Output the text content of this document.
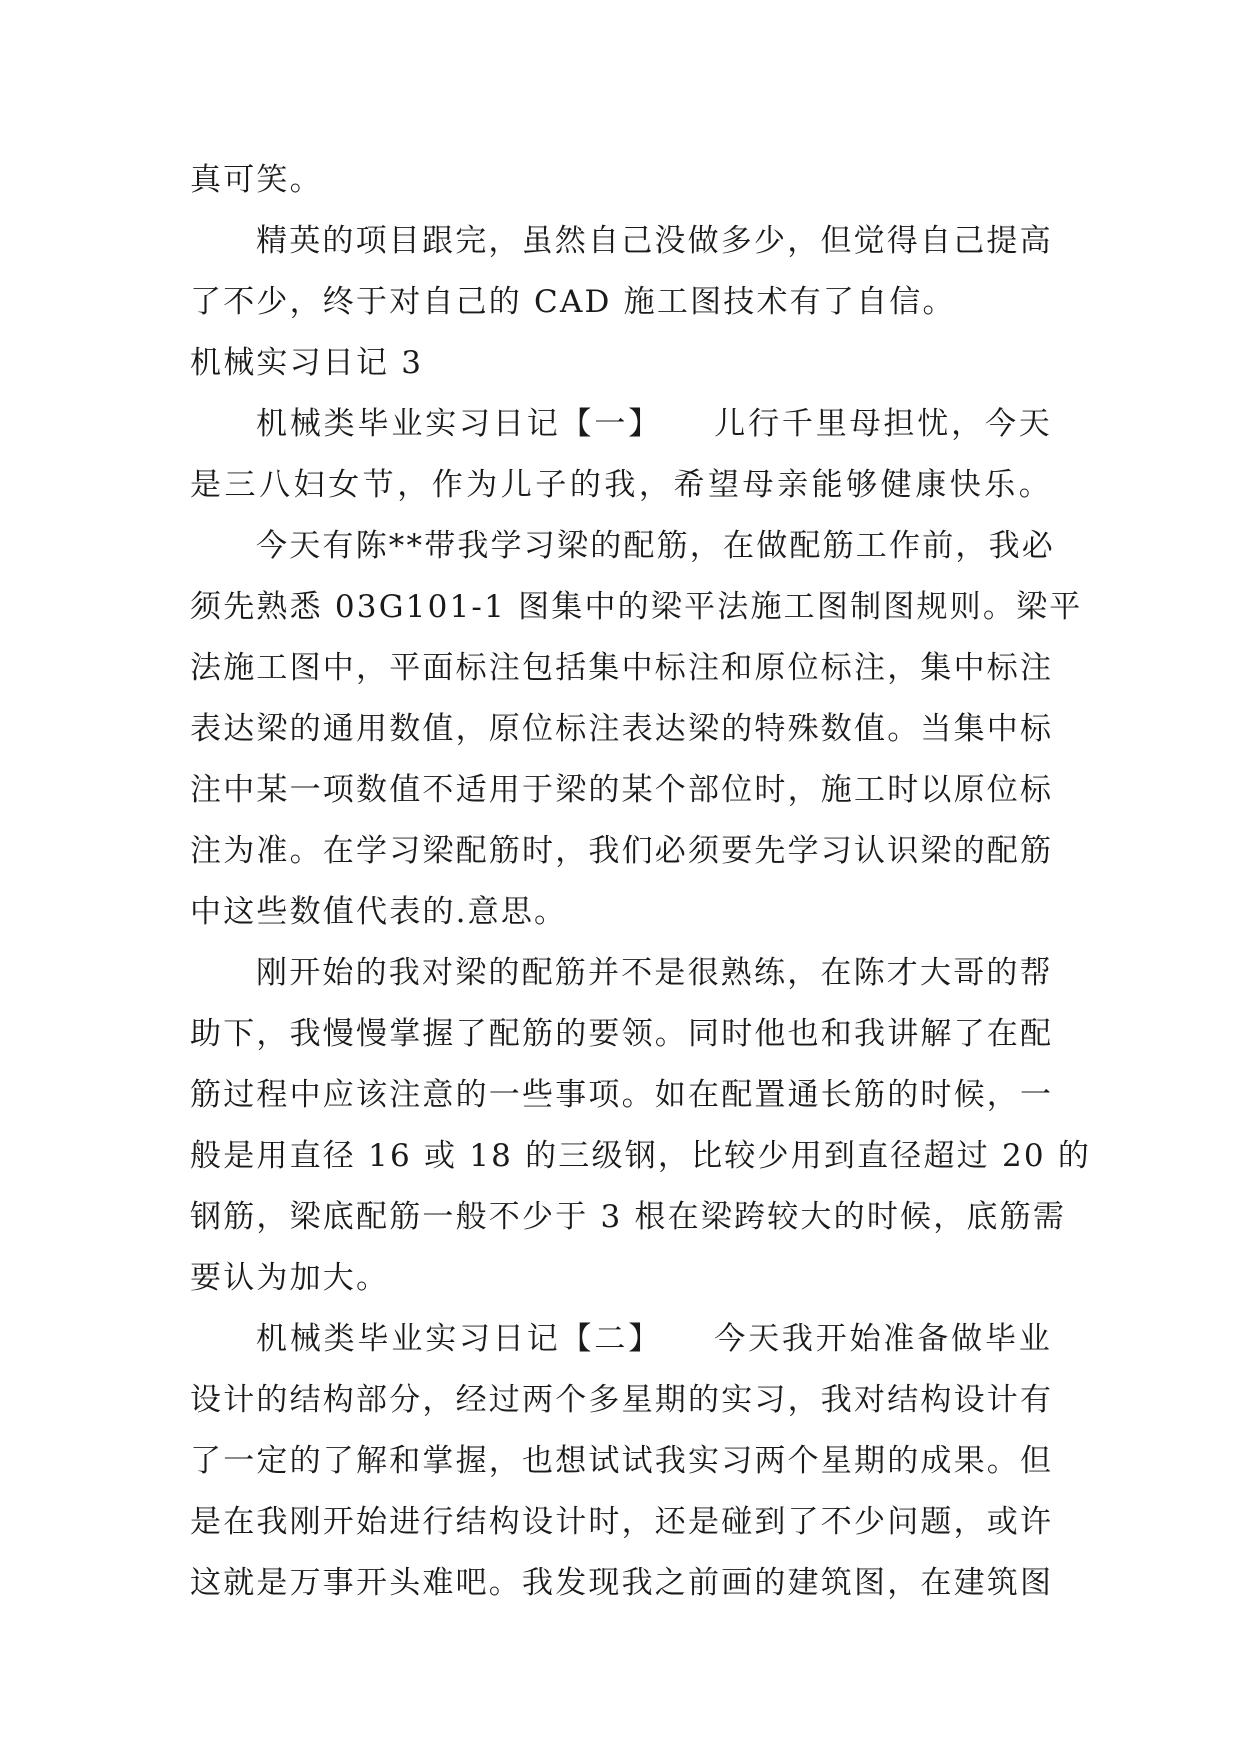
真可笑。
精英的项目跟完，虽然自己没做多少，但觉得自己提高
了不少，终于对自己的 CAD 施工图技术有了自信。
机械实习日记 3
机械类毕业实习日记【一】　　儿行千里母担忧，今天
是三八妇女节，作为儿子的我，希望母亲能够健康快乐。
今天有陈**带我学习梁的配筋，在做配筋工作前，我必
须先熟悉 03G101-1 图集中的梁平法施工图制图规则。梁平
法施工图中，平面标注包括集中标注和原位标注，集中标注
表达梁的通用数值，原位标注表达梁的特殊数值。当集中标
注中某一项数值不适用于梁的某个部位时，施工时以原位标
注为准。在学习梁配筋时，我们必须要先学习认识梁的配筋
中这些数值代表的.意思。
刚开始的我对梁的配筋并不是很熟练，在陈才大哥的帮
助下，我慢慢掌握了配筋的要领。同时他也和我讲解了在配
筋过程中应该注意的一些事项。如在配置通长筋的时候，一
般是用直径 16 或 18 的三级钢，比较少用到直径超过 20 的
钢筋，梁底配筋一般不少于 3 根在梁跨较大的时候，底筋需
要认为加大。
机械类毕业实习日记【二】　　今天我开始准备做毕业
设计的结构部分，经过两个多星期的实习，我对结构设计有
了一定的了解和掌握，也想试试我实习两个星期的成果。但
是在我刚开始进行结构设计时，还是碰到了不少问题，或许
这就是万事开头难吧。我发现我之前画的建筑图，在建筑图
